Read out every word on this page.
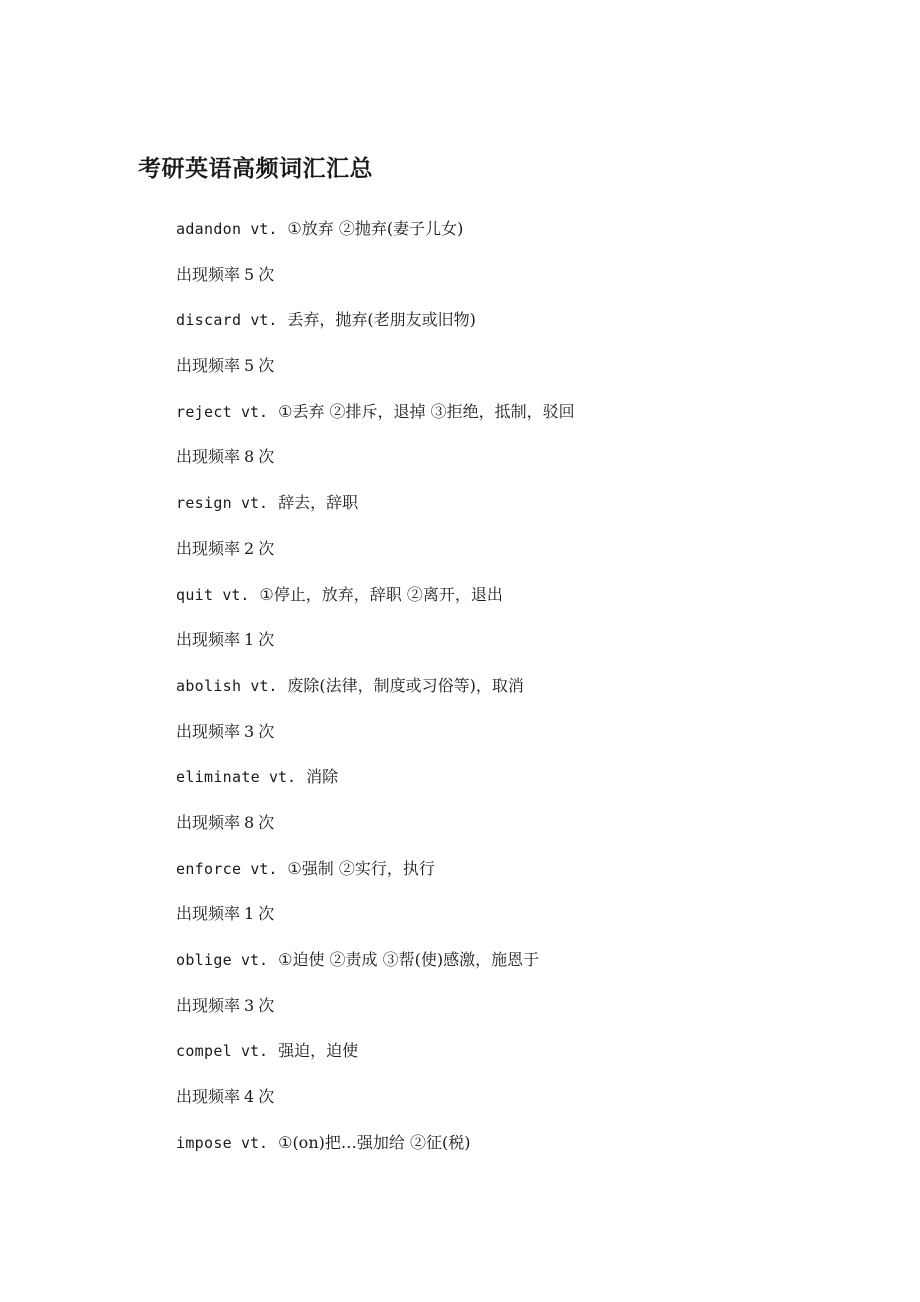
考研英语高频词汇汇总
adandon vt. ①放弃 ②抛弃(妻子儿女)
出现频率 5 次
discard vt. 丢弃，抛弃(老朋友或旧物)
出现频率 5 次
reject vt. ①丢弃 ②排斥，退掉 ③拒绝，抵制，驳回
出现频率 8 次
resign vt. 辞去，辞职
出现频率 2 次
quit vt. ①停止，放弃，辞职 ②离开，退出
出现频率 1 次
abolish vt. 废除(法律，制度或习俗等)，取消
出现频率 3 次
eliminate vt. 消除
出现频率 8 次
enforce vt. ①强制 ②实行，执行
出现频率 1 次
oblige vt. ①迫使 ②责成 ③帮(使)感激，施恩于
出现频率 3 次
compel vt. 强迫，迫使
出现频率 4 次
impose vt. ①(on)把…强加给 ②征(税)
